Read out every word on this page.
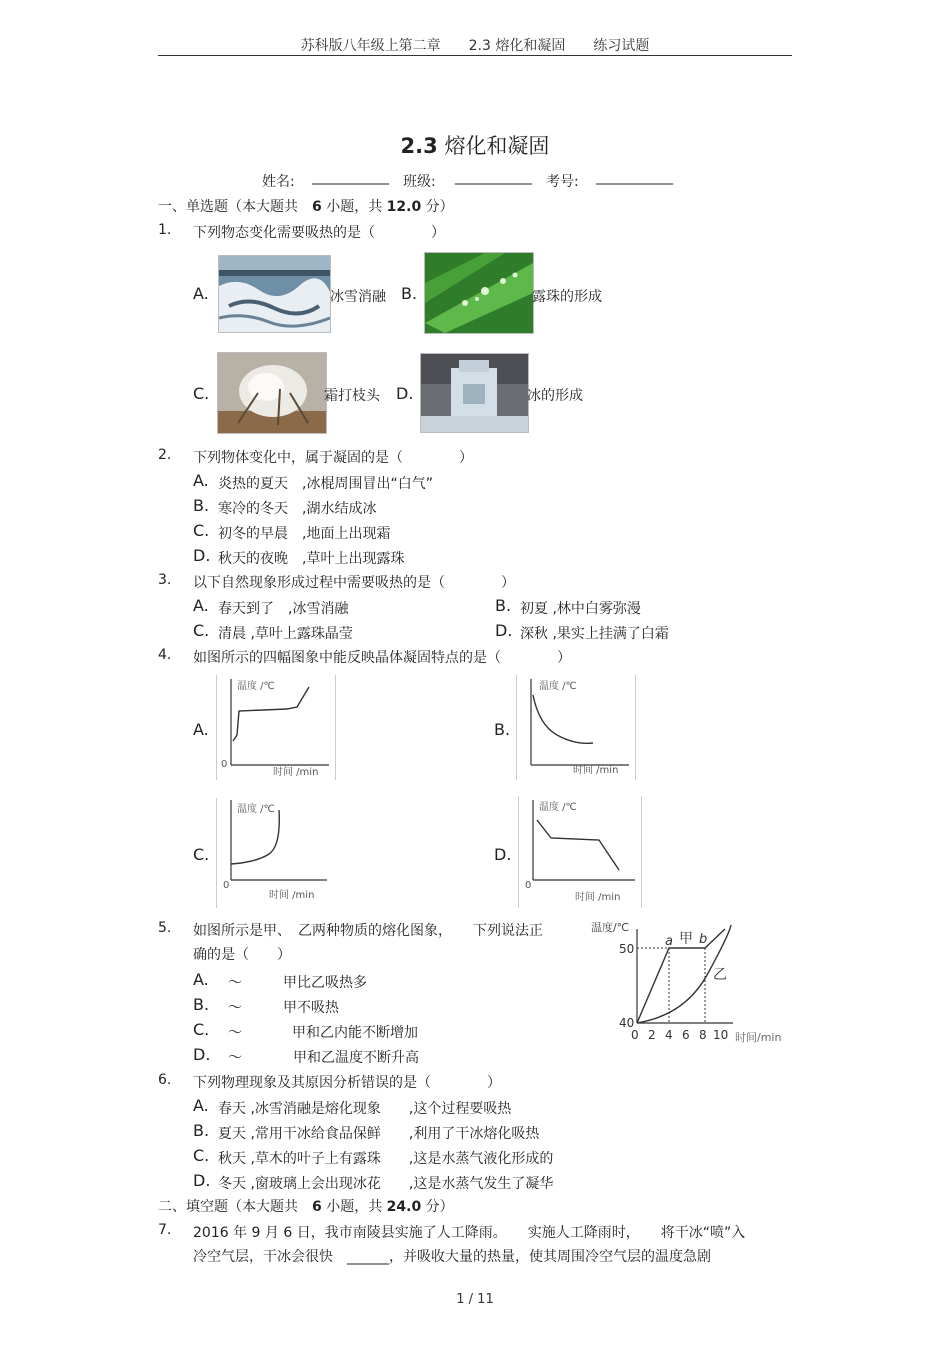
苏科版八年级上第二章　　2.3 熔化和凝固　　练习试题
2.3 熔化和凝固
姓名: ___________ 班级: ___________ 考号: ___________
一、单选题（本大题共　 6 小题，共 12.0 分）
1. 下列物态变化需要吸热的是（　　　　）
A.	冰雪消融 B.	露珠的形成
C.	霜打枝头 D.	冰的形成
2. 下列物体变化中，属于凝固的是（　　　　）
A. 炎热的夏天　,冰棍周围冒出“白气”
B. 寒冷的冬天　,湖水结成冰
C. 初冬的早晨　,地面上出现霜
D. 秋天的夜晚　,草叶上出现露珠
3. 以下自然现象形成过程中需要吸热的是（　　　　）
A. 春天到了　,冰雪消融	B. 初夏 ,林中白雾弥漫
C. 清晨 ,草叶上露珠晶莹	D. 深秋 ,果实上挂满了白霜
4. 如图所示的四幅图象中能反映晶体凝固特点的是（　　　　）
A.
温度 /℃
0
时间 /min
B.
温度 /℃
时间 /min
C.
温度 /℃
0
时间 /min
D.
温度 /℃
0
时间 /min
5. 如图所示是甲、　乙两种物质的熔化图象，　　下列说法正
确的是（　　）
A. ～	甲比乙吸热多
B. ～	甲不吸热
C. ～	甲和乙内能不断增加
D. ～	甲和乙温度不断升高
温度/℃
50
40
0 2 4 6 8 10 时间/min
a 甲 b
乙
6. 下列物理现象及其原因分析错误的是（　　　　）
A. 春天 ,冰雪消融是熔化现象　　,这个过程要吸热
B. 夏天 ,常用干冰给食品保鲜　　,利用了干冰熔化吸热
C. 秋天 ,草木的叶子上有露珠　　,这是水蒸气液化形成的
D. 冬天 ,窗玻璃上会出现冰花　　,这是水蒸气发生了凝华
二、填空题（本大题共　 6 小题，共 24.0 分）
7. 2016 年 9 月 6 日，我市南陵县实施了人工降雨。　　实施人工降雨时，　　将干冰“喷”入
冷空气层，干冰会很快　______，并吸收大量的热量，使其周围冷空气层的温度急剧
1 / 11
